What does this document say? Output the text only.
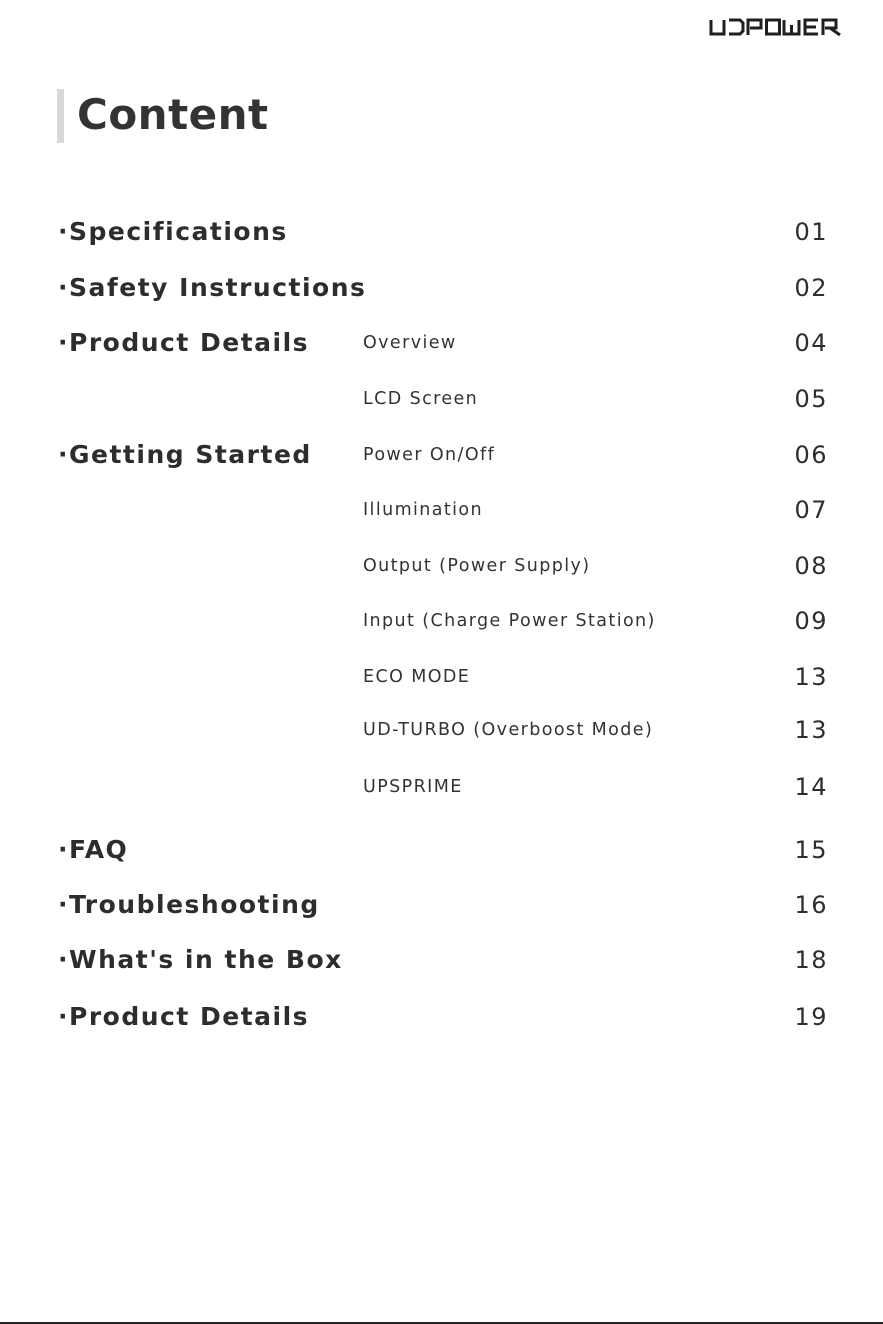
Content
·Specifications	01
·Safety Instructions	02
·Product Details	Overview	04
LCD Screen	05
·Getting Started	Power On/Off	06
Illumination	07
Output (Power Supply)	08
Input (Charge Power Station)	09
ECO MODE	13
UD-TURBO (Overboost Mode)	13
UPSPRIME	14
·FAQ	15
·Troubleshooting	16
·What's in the Box	18
·Product Details	19
